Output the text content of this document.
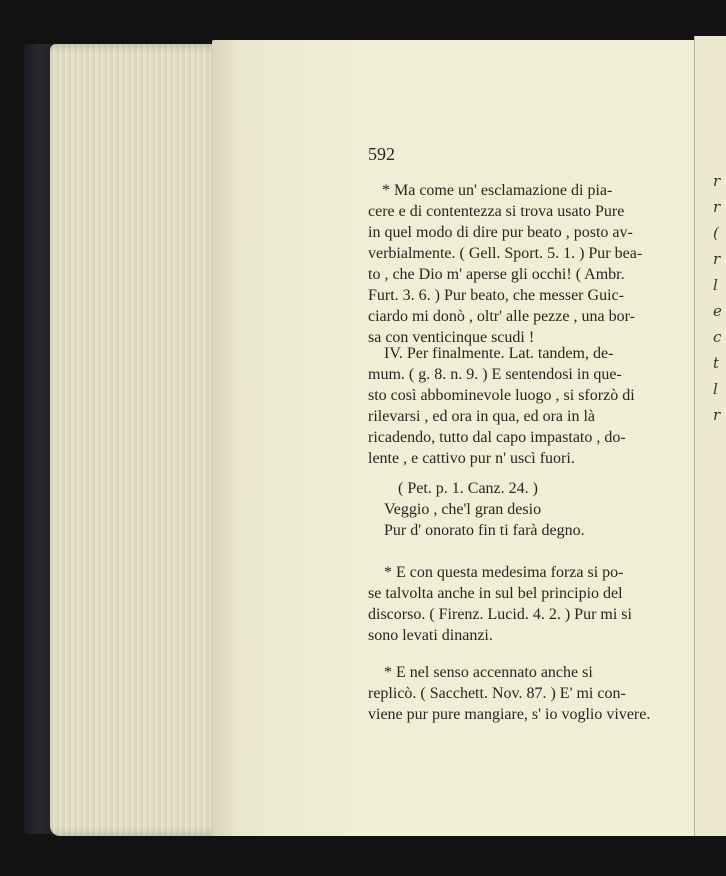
r
r
(
r
l
e
c
t
l
r
592
* Ma come un' esclamazione di pia-
cere e di contentezza si trova usato Pure
in quel modo di dire pur beato , posto av-
verbialmente. ( Gell. Sport. 5. 1. ) Pur bea-
to , che Dio m' aperse gli occhi! ( Ambr.
Furt. 3. 6. ) Pur beato, che messer Guic-
ciardo mi donò , oltr' alle pezze , una bor-
sa con venticinque scudi !
IV. Per finalmente. Lat. tandem, de-
mum. ( g. 8. n. 9. ) E sentendosi in que-
sto così abbominevole luogo , si sforzò di
rilevarsi , ed ora in qua, ed ora in là
ricadendo, tutto dal capo impastato , do-
lente , e cattivo pur n' uscì fuori.
( Pet. p. 1. Canz. 24. )
Veggio , che'l gran desio
Pur d' onorato fin ti farà degno.
* E con questa medesima forza si po-
se talvolta anche in sul bel principio del
discorso. ( Firenz. Lucid. 4. 2. ) Pur mi si
sono levati dinanzi.
* E nel senso accennato anche si
replicò. ( Sacchett. Nov. 87. ) E' mi con-
viene pur pure mangiare, s' io voglio vivere.
